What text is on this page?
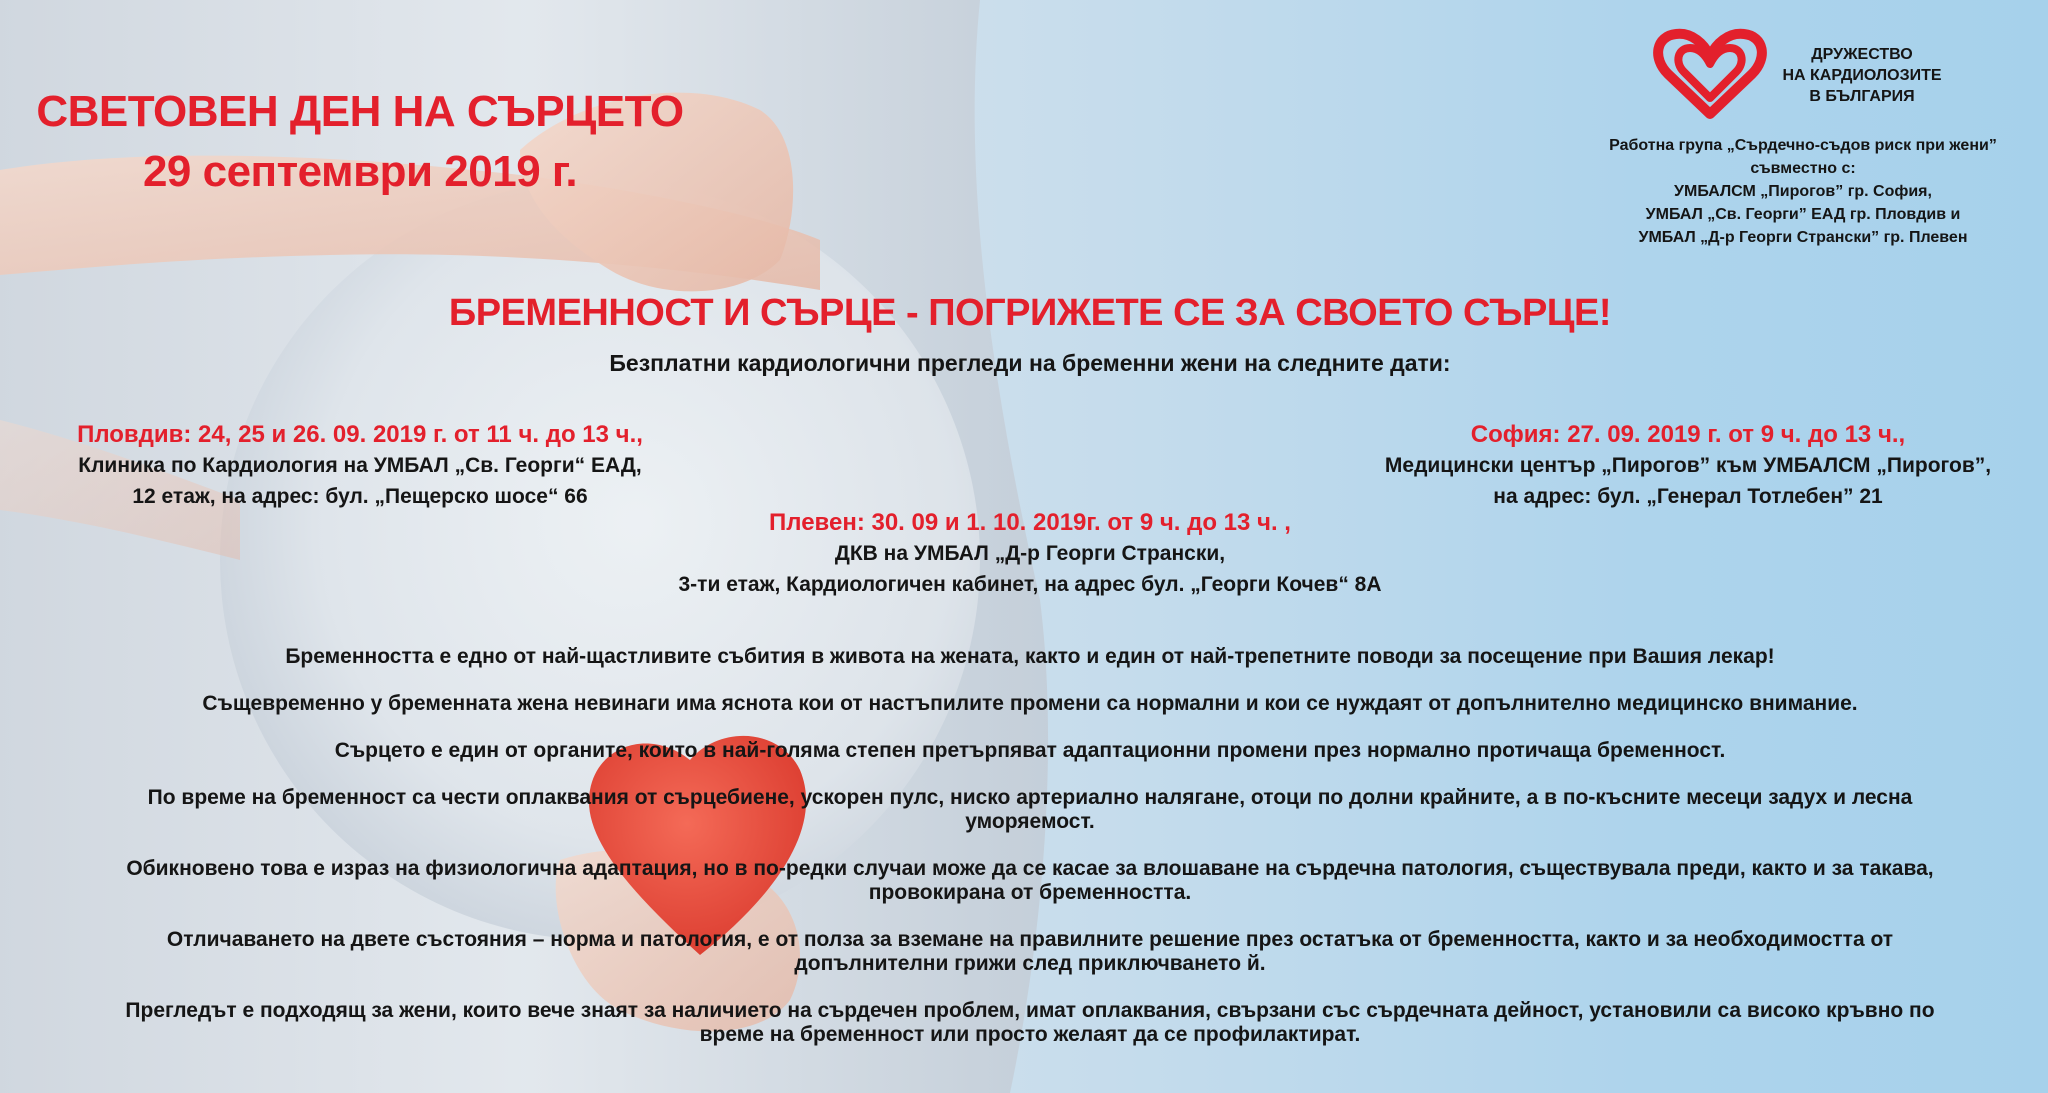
СВЕТОВЕН ДЕН НА СЪРЦЕТО
29 септември 2019 г.
ДРУЖЕСТВО
НА КАРДИОЛОЗИТЕ
В БЪЛГАРИЯ
Работна група „Сърдечно-съдов риск при жени”
съвместно с:
УМБАЛСМ „Пирогов” гр. София,
УМБАЛ „Св. Георги” ЕАД гр. Пловдив и
УМБАЛ „Д-р Георги Странски” гр. Плевен
БРЕМЕННОСТ И СЪРЦЕ - ПОГРИЖЕТЕ СЕ ЗА СВОЕТО СЪРЦЕ!
Безплатни кардиологични прегледи на бременни жени на следните дати:
Пловдив: 24, 25 и 26. 09. 2019 г. от 11 ч. до 13 ч.,
Клиника по Кардиология на УМБАЛ „Св. Георги“ ЕАД,
12 етаж, на адрес: бул. „Пещерско шосе“ 66
София: 27. 09. 2019 г. от 9 ч. до 13 ч.,
Медицински център „Пирогов” към УМБАЛСМ „Пирогов”,
на адрес: бул. „Генерал Тотлебен” 21
Плевен: 30. 09 и 1. 10. 2019г. от 9 ч. до 13 ч. ,
ДКВ на УМБАЛ „Д-р Георги Странски,
3-ти етаж, Кардиологичен кабинет, на адрес бул. „Георги Кочев“ 8А

Бременността е едно от най-щастливите събития в живота на жената, както и един от най-трепетните поводи за посещение при Вашия лекар!

Същевременно у бременната жена невинаги има яснота кои от настъпилите промени са нормални и кои се нуждаят от допълнително медицинско внимание.

Сърцето е един от органите, които в най-голяма степен претърпяват адаптационни промени през нормално протичаща бременност.

По време на бременност са чести оплаквания от сърцебиене, ускорен пулс, ниско артериално налягане, отоци по долни крайните, а в по-късните месеци задух и лесна уморяемост.

Обикновено това е израз на физиологична адаптация, но в по-редки случаи може да се касае за влошаване на сърдечна патология, съществувала преди, както и за такава, провокирана от бременността.

Отличаването на двете състояния – норма и патология, е от полза за вземане на правилните решение през остатъка от бременността, както и за необходимостта от допълнителни грижи след приключването й.

Прегледът е подходящ за жени, които вече знаят за наличието на сърдечен проблем, имат оплаквания, свързани със сърдечната дейност, установили са високо кръвно по време на бременност или просто желаят да се профилактират.
